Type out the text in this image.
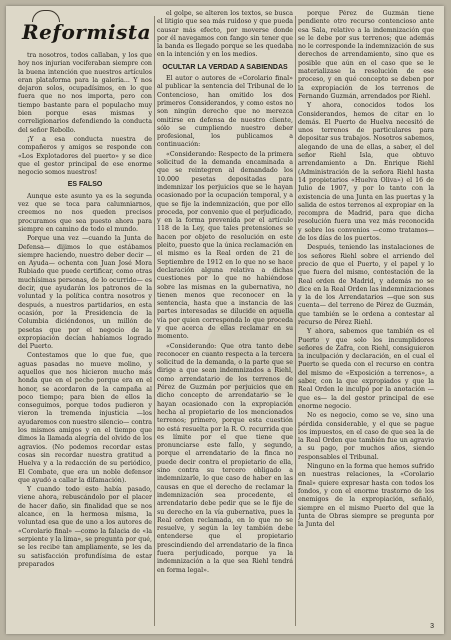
Reformista

tra nosotros, todos callaban, y los que hoy nos injurian vociferaban siempre con la buena intención que nuestros artículos eran plataforma para la galería... Y nos dejaron solos, ocupadísimos, en lo que fuera que no nos importa, pero con tiempo bastante para el populacho muy bien porque esas mismas y correligionarios defendiendo la conducta del señor Rebollo.

¡Y a esa conducta nuestra de compañeros y amigos se responde con «Los Explotadores del puerto» y se dice que el gestor principal de ese enorme negocio somos nuestros!

ES FALSO

Aunque este asunto ya es la segunda vez que se toca para calumniarnos, creemos no nos queden precisos procuramos que sea puesto ahora para siempre en camino de todo el mundo.

Porque una vez —cuando la Junta de Defensa— dijimos lo que estábamos siempre haciendo, nuestro deber decir —en Ayuda— ochenta con Juan José Mora Rubiado que puede certificar, como otras muchísimas personas, de lo ocurrido— es decir, que ayudarán los patronos de la voluntad y la política contra nosotros y después, a nuestros partidarios, en esta ocasión, por la Presidencia de la Columbia diciéndonos, un millón de pesetas que por el negocio de la expropiación decían habíamos logrado del Puerto.

Contestamos que lo que fue, que aguas pasadas no mueve molino, y aquellos que nos hicieron mucho más honda que en el pecho porque era en el honor, se acordaron de la campaña al poco tiempo; para bien de ellos la conseguimos, porque todos pudieron y vieron la tremenda injusticia —los ayudaremos con nuestro silencio— contra los mismos amigos y en el tiempo que dimos la llamada alegría del olvido de los agravios. (No podemos recordar estas cosas sin recordar nuestra gratitud a Huelva y a la redacción de su periódico, El Combate, que era un noble defensor que ayudó a callar la difamación).

Y cuando todo esto había pasado, viene ahora, rebuscándolo por el placer de hacer daño, sin finalidad que se nos alcance, en la hermosa misma, la voluntad esa que de uno a los autores de «Corolario final» —como la falacia de «la serpiente y la lima», se pregunta por qué, se les recibe tan ampliamente, se les da su satisfacción profundísima de estar preparados

el golpe, se alteren los textos, se busca el litigio que sea más ruidoso y que pueda causar más efecto, por moverse donde por él navegamos con fango sin tener que la banda es llegado porque se les quedaba en la intención y en los medios.

OCULTAR LA VERDAD A SABIENDAS

El autor o autores de «Corolario final» al publicar la sentencia del Tribunal de lo Contencioso, han omitido los dos primeros Considerandos, y como estos no son ningún derecho que no merezca omitirse en defensa de nuestro cliente, sólo se cumpliendo nuestro deber profesional, los publicamos a continuación:

«Considerando: Respecto de la primera solicitud de la demanda encaminada a que se reintegren al demandado los 10.000 pesetas depositadas para indemnizar los perjuicios que se le hayan ocasionado por la ocupación temporal, y a que se fije la indemnización, que por ello proceda, por convenio que el perjudicado, y en la forma prevenida por el artículo 118 de la Ley, que tales pretensiones se hacen por objeto de resolución en este pleito, puesto que la única reclamación en el mismo es la Real orden de 21 de Septiembre de 1912 en lo que no se hace declaración alguna relativa a dichas cuestiones por lo que no habiéndose sobre las mismas en la gubernativa, no tienen menos que reconocer en la sentencia, hasta que a instancia de las partes interesadas se dilucide en aquella vía por quien corresponda lo que proceda y que acerca de ellas reclamar en su momento.

«Considerando: Que otra tanto debe reconocer en cuanto respecta a la tercera solicitud de la demanda, o la parte que se dirige a que sean indemnizados a Riehl, como arrendatario de los terrenos de Pérez de Guzmán por perjuicios que en dicho concepto de arrendatario se le hayan ocasionado con la expropiación hecha al propietario de los mencionados terrenos; primero, porque esta cuestión no está resuelta por la R. O. recurrida que es límite por el que tiene que pronunciarse este fallo, y segundo, porque el arrendatario de la finca no puede decir contra el propietario de ella, sino contra su tercero obligado a indemnizarle, lo que caso de haber en las causas en que el derecho de reclamar la indemnización sea procedente, el arrendatario debe pedir que se le fije de su derecho en la vía gubernativa, pues la Real orden reclamada, en lo que no se resuelve, y según la ley también debe entenderse que el propietario prescindiendo del arrendatario de la finca fuera perjudicado, porque ya la indemnización a la que sea Riehl tendrá en forma legal».

porque Pérez de Guzmán tiene pendiente otro recurso contencioso ante esa Sala, relativo a la indemnización que se le debe por sus terrenos; que además no le corresponde la indemnización de sus derechos de arrendamiento, sino que es posible que aún en el caso que se le materializase la resolución de ese proceso, y en qué concepto se deben por la expropiación de los terrenos de Fernando Guzmán, arrendados por Riehl.

Y ahora, conocidos todos los Considerandos, hemos de citar en lo demás. El Puerto de Huelva necesitó de unos terrenos de particulares para depositar sus trabajos. Nosotros sabemos, alegando de una de ellas, a saber, el del señor Riehl Isla, que obtuvo arrendamiento a Dn. Enrique Riehl (Administración de la señora Riehl hasta 14 propietarios «Huelva Oliva») el 16 de Julio de 1907, y por lo tanto con la existencia de una Junta en las puertas y la salida de estos terrenos al expropiar en la recompra de Madrid, para que dicha resolución fuera una vez más reconocida y sobre los convenios —como tratamos— de los días de los puertos.

Después, teniendo las instalaciones de los señores Riehl sobre el arriendo del precio de que el Puerto, y el papel y lo que fuera del mismo, contestación de la Real orden de Madrid, y además no se dice en la Real Orden las indemnizaciones y la de los Arrendatarios —que son sus cuenta— del terreno de Pérez de Guzmán, que también se le ordena a contestar al recurso de Pérez Riehl.

Y ahora, sabemos que también es el Puerto y que solo los incumplidores señores de Zafra, con Riehl, consiguieron la inculpación y declaración, en el cual el Puerto se queda con el recurso en contra del mismo de «Exposición a terrenos», a saber, con la que expropiados y que la Real Orden le inculpó por la anotación —que es— la del gestor principal de ese enorme negocio.

No es negocio, como se ve, sino una pérdida considerable, y el que se pague los impuestos, en el caso de que sea la de la Real Orden que también fue un agravio a su pago, por muchos años, siendo responsables el Tribunal.

Ninguno en la forma que hemos sufrido en nuestras relaciones, la «Corolario final» quiere expresar hasta con todos los fondos, y con el enorme trastorno de los enemigos de la expropiación, señaló, siempre en el mismo Puerto del que la Junta de Obras siempre se pregunta por la Junta del

3
